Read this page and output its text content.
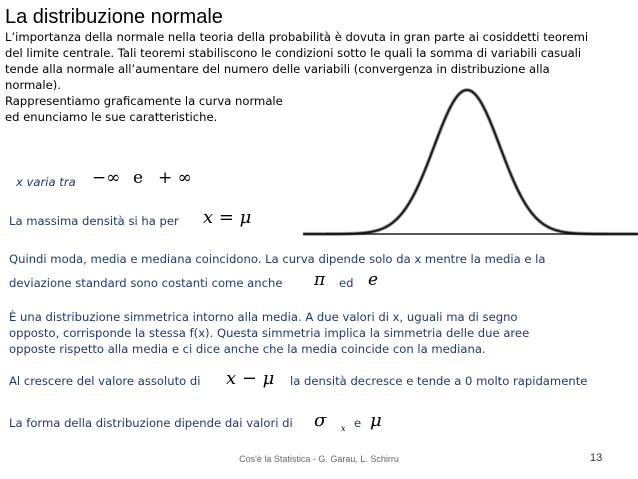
La distribuzione normale
L’importanza della normale nella teoria della probabilità è dovuta in gran parte ai cosiddetti teoremi
del limite centrale. Tali teoremi stabiliscono le condizioni sotto le quali la somma di variabili casuali
tende alla normale all’aumentare del numero delle variabili (convergenza in distribuzione alla
normale).
Rappresentiamo graficamente la curva normale
ed enunciamo le sue caratteristiche.
x varia tra −∞ e + ∞
La massima densità si ha per x = μ
Quindi moda, media e mediana coincidono. La curva dipende solo da x mentre la media e la
deviazione standard sono costanti come anche π ed e
È una distribuzione simmetrica intorno alla media. A due valori di x, uguali ma di segno
opposto, corrisponde la stessa f(x). Questa simmetria implica la simmetria delle due aree
opposte rispetto alla media e ci dice anche che la media coincide con la mediana.
Al crescere del valore assoluto di x − μ la densità decresce e tende a 0 molto rapidamente
La forma della distribuzione dipende dai valori di σ x e μ
Cos'è la Statistica - G. Garau, L. Schirru	13
